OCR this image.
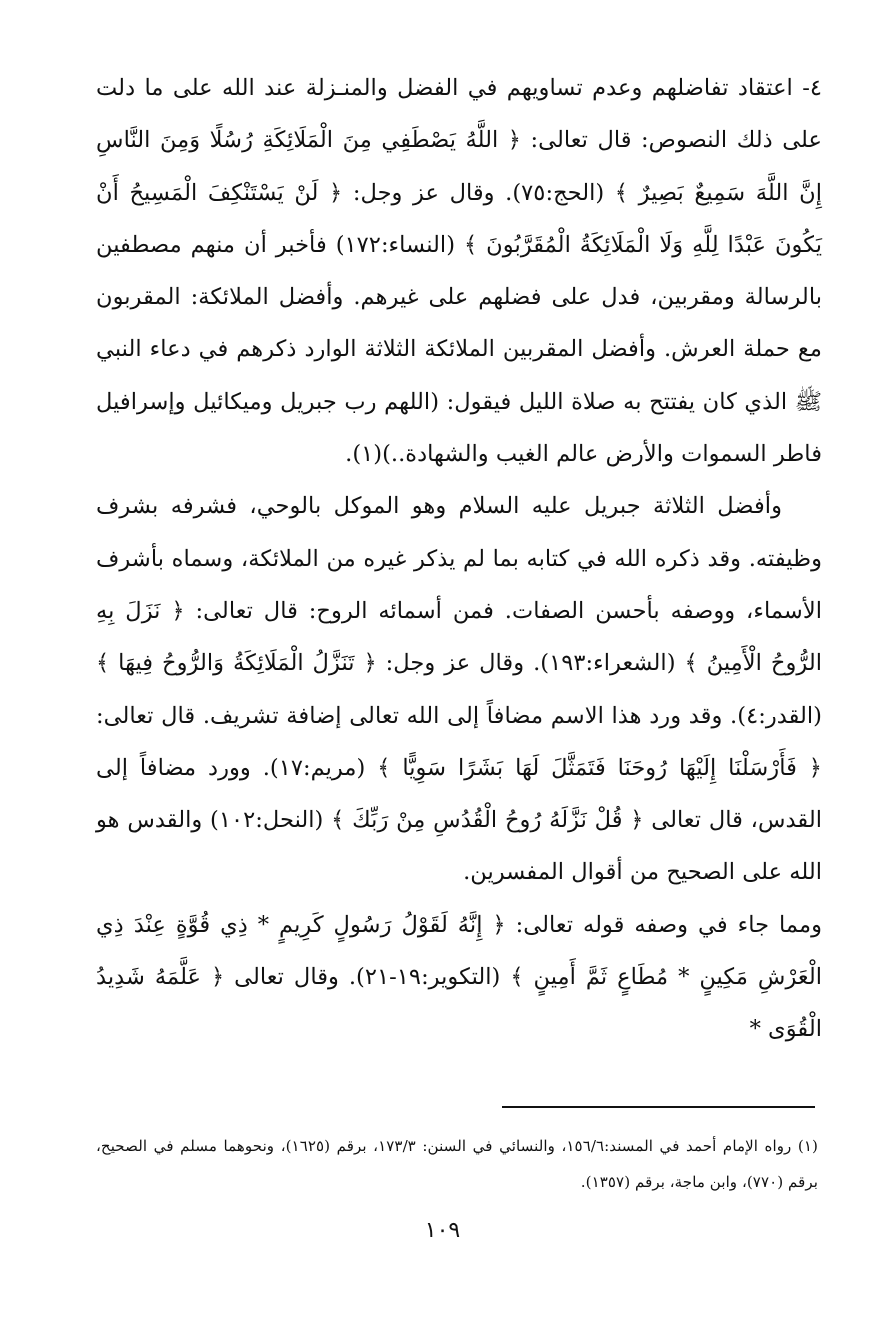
٤- اعتقاد تفاضلهم وعدم تساويهم في الفضل والمنـزلة عند الله على ما دلت على ذلك النصوص: قال تعالى: ﴿ اللَّهُ يَصْطَفِي مِنَ الْمَلَائِكَةِ رُسُلًا وَمِنَ النَّاسِ إِنَّ اللَّهَ سَمِيعٌ بَصِيرٌ ﴾ (الحج:٧٥). وقال عز وجل: ﴿ لَنْ يَسْتَنْكِفَ الْمَسِيحُ أَنْ يَكُونَ عَبْدًا لِلَّهِ وَلَا الْمَلَائِكَةُ الْمُقَرَّبُونَ ﴾ (النساء:١٧٢) فأخبر أن منهم مصطفين بالرسالة ومقربين، فدل على فضلهم على غيرهم. وأفضل الملائكة: المقربون مع حملة العرش. وأفضل المقربين الملائكة الثلاثة الوارد ذكرهم في دعاء النبي ﷺ الذي كان يفتتح به صلاة الليل فيقول: (اللهم رب جبريل وميكائيل وإسرافيل فاطر السموات والأرض عالم الغيب والشهادة..)(١).

وأفضل الثلاثة جبريل عليه السلام وهو الموكل بالوحي، فشرفه بشرف وظيفته. وقد ذكره الله في كتابه بما لم يذكر غيره من الملائكة، وسماه بأشرف الأسماء، ووصفه بأحسن الصفات. فمن أسمائه الروح: قال تعالى: ﴿ نَزَلَ بِهِ الرُّوحُ الْأَمِينُ ﴾ (الشعراء:١٩٣). وقال عز وجل: ﴿ تَنَزَّلُ الْمَلَائِكَةُ وَالرُّوحُ فِيهَا ﴾ (القدر:٤). وقد ورد هذا الاسم مضافاً إلى الله تعالى إضافة تشريف. قال تعالى: ﴿ فَأَرْسَلْنَا إِلَيْهَا رُوحَنَا فَتَمَثَّلَ لَهَا بَشَرًا سَوِيًّا ﴾ (مريم:١٧). وورد مضافاً إلى القدس، قال تعالى ﴿ قُلْ نَزَّلَهُ رُوحُ الْقُدُسِ مِنْ رَبِّكَ ﴾ (النحل:١٠٢) والقدس هو الله على الصحيح من أقوال المفسرين.

ومما جاء في وصفه قوله تعالى: ﴿ إِنَّهُ لَقَوْلُ رَسُولٍ كَرِيمٍ * ذِي قُوَّةٍ عِنْدَ ذِي الْعَرْشِ مَكِينٍ * مُطَاعٍ ثَمَّ أَمِينٍ ﴾ (التكوير:١٩-٢١). وقال تعالى ﴿ عَلَّمَهُ شَدِيدُ الْقُوَى *

(١) رواه الإمام أحمد في المسند:١٥٦/٦، والنسائي في السنن: ١٧٣/٣، برقم (١٦٢٥)، ونحوهما مسلم في الصحيح، برقم (٧٧٠)، وابن ماجة، برقم (١٣٥٧).

١٠٩
